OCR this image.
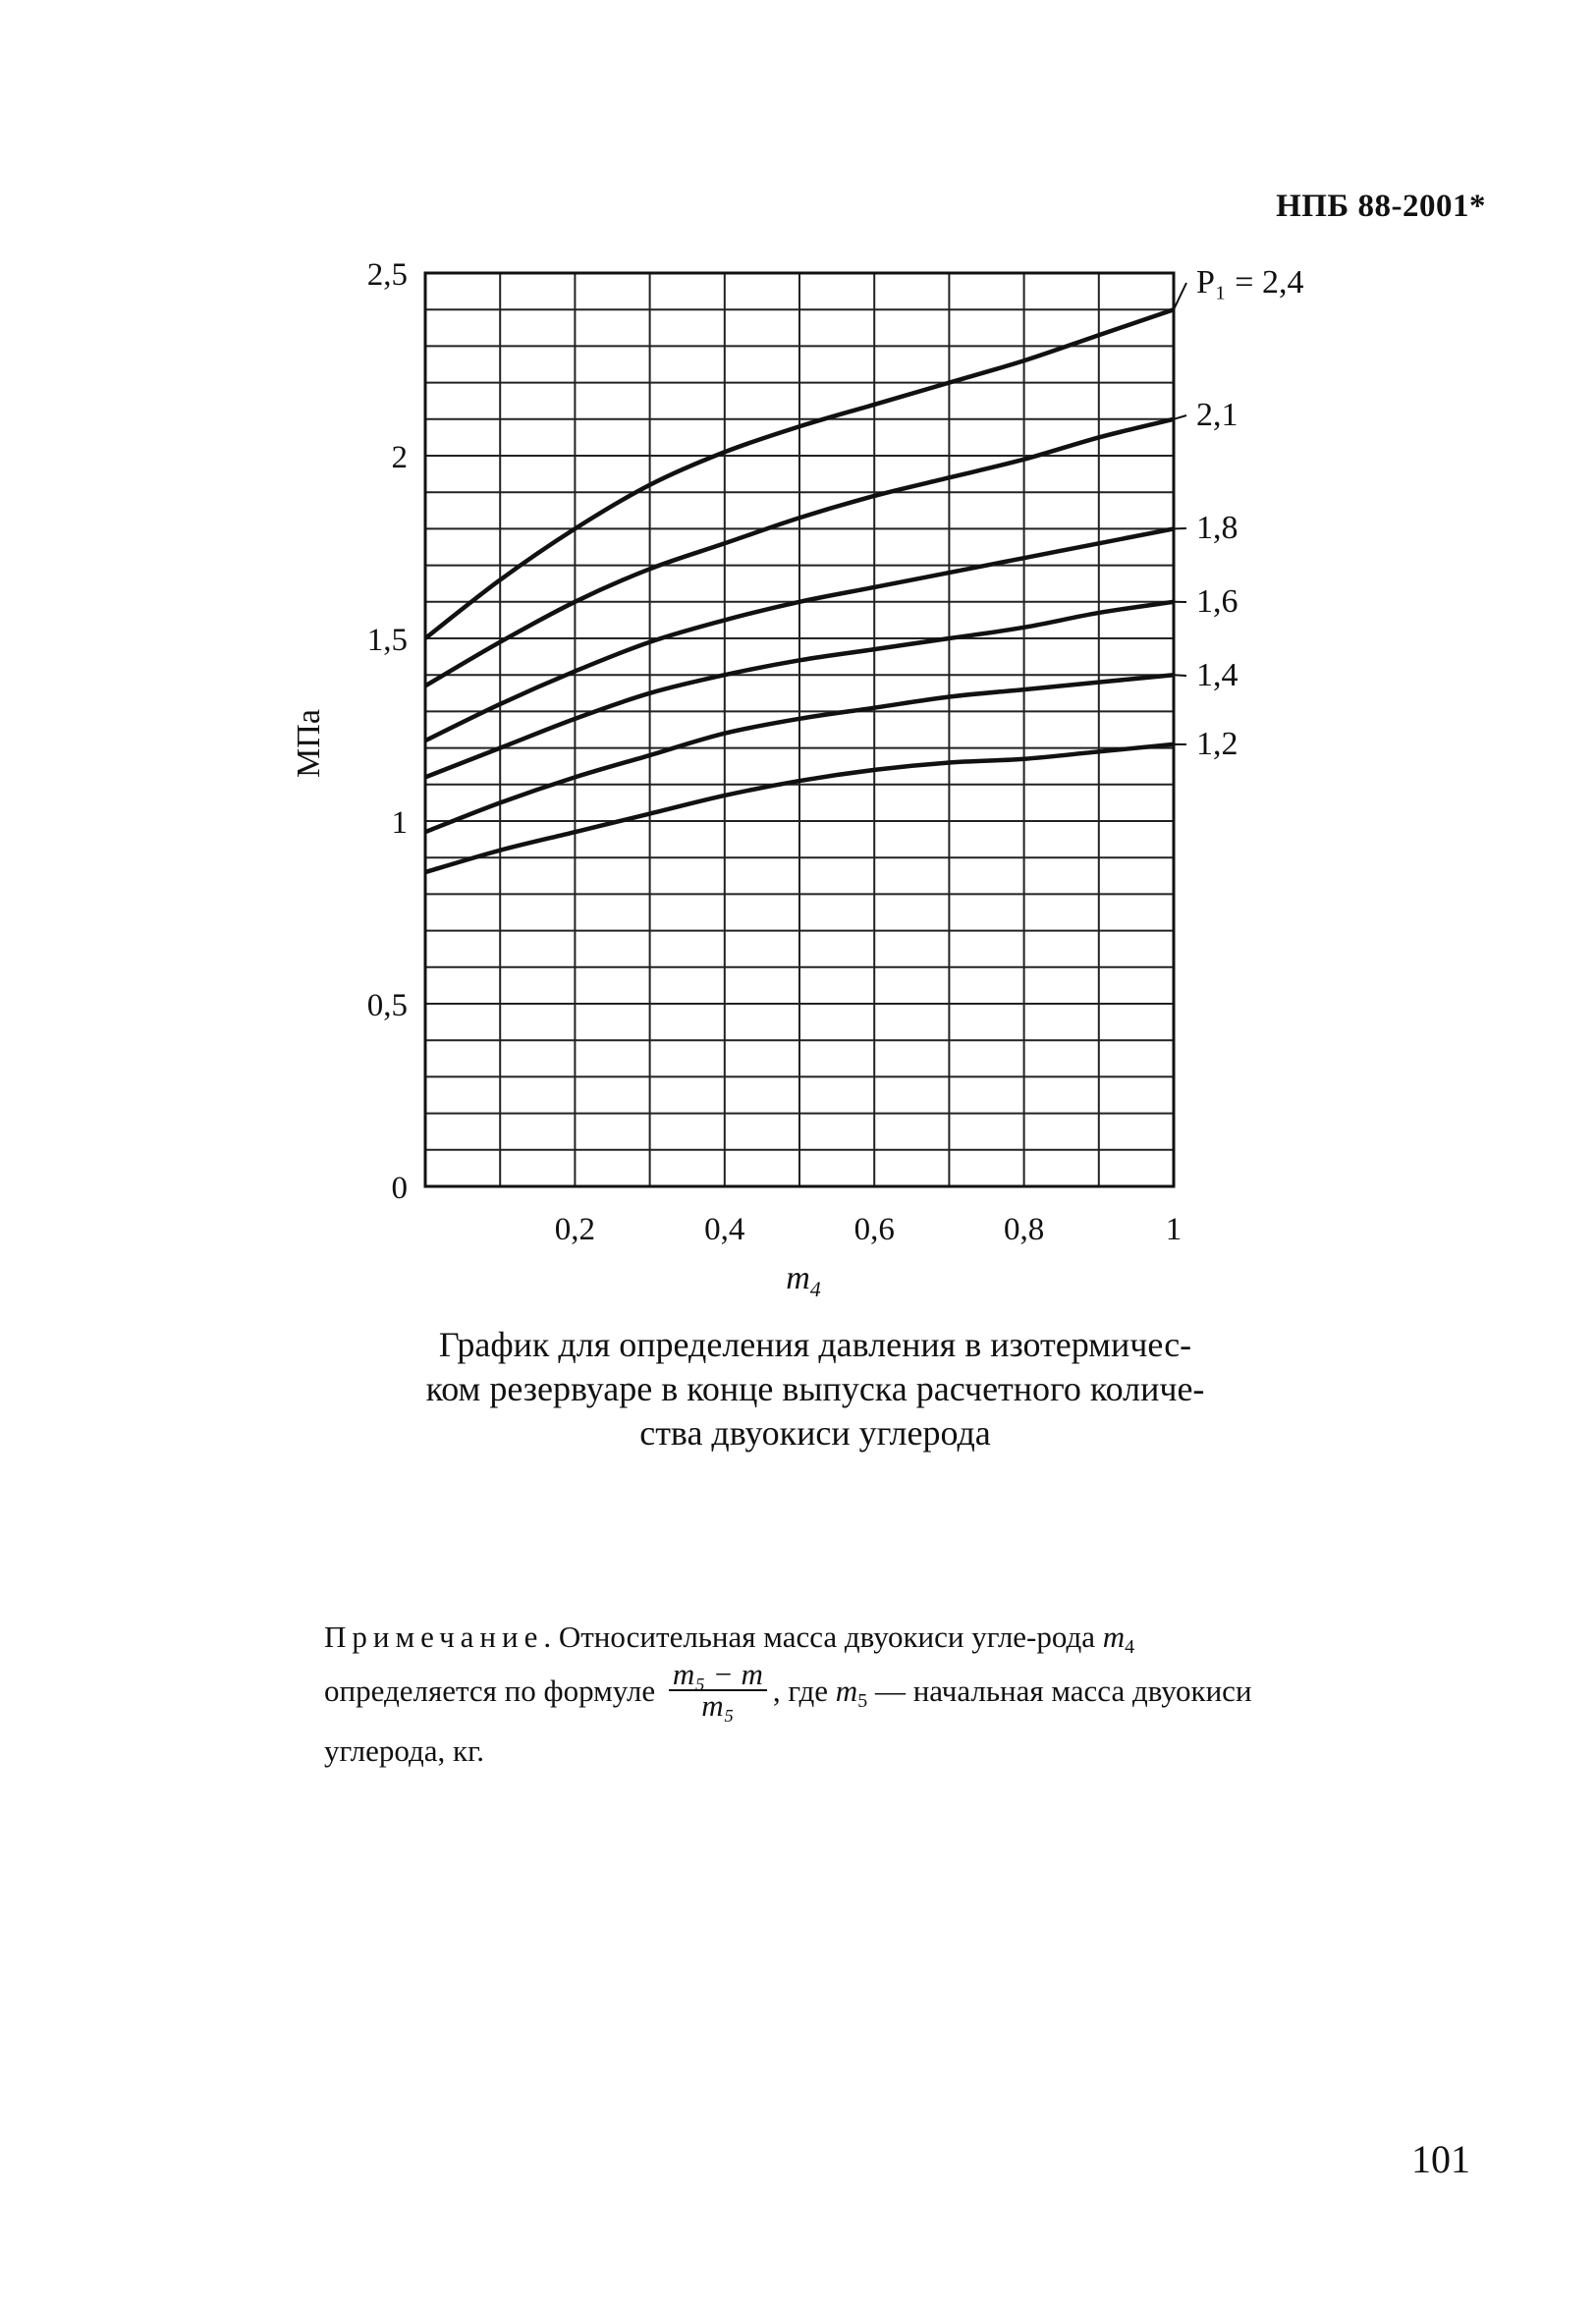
НПБ 88-2001*
0
0,5
1
1,5
2
2,5
0,2	0,4	0,6	0,8	1
P₁ = 2,4
2,1
1,8
1,6
1,4
1,2
МПа
$m_4$
График для определения давления в изотермичес-
ком резервуаре в конце выпуска расчетного количе-
ства двуокиси углерода
Примечание. Относительная масса двуокиси угле-рода $m_4$ определяется по формуле $\frac{\text{m₅ − m}}{\text{m₅}}$ , где $m_5$ — начальная масса двуокиси углерода, кг.
101
